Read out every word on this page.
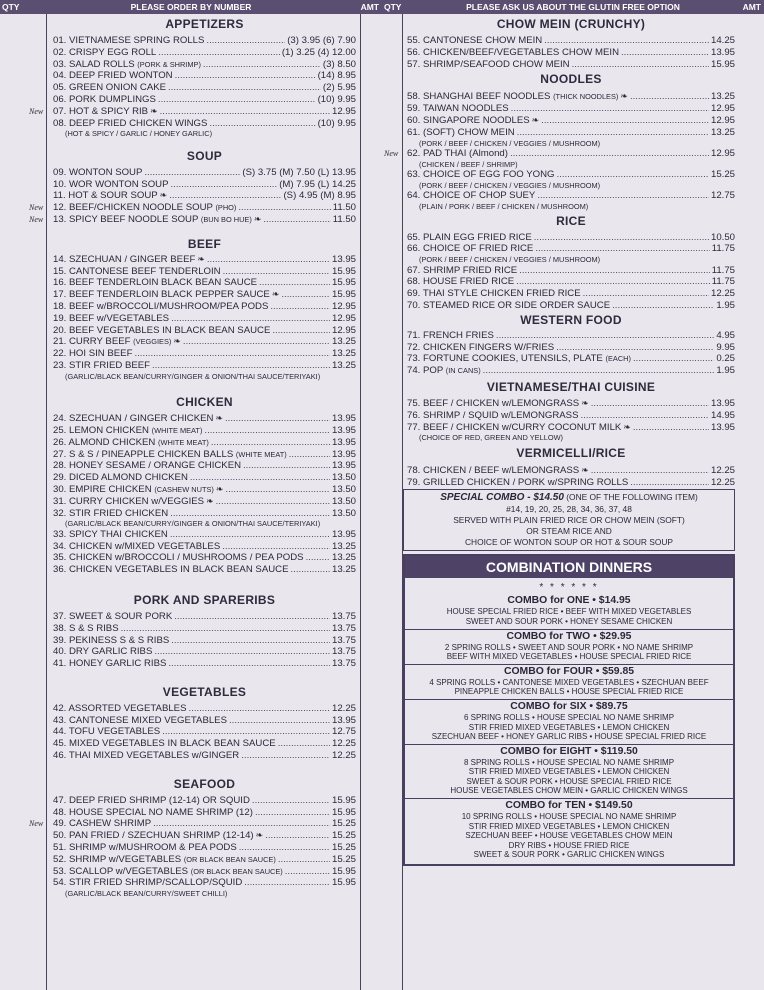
QTY	PLEASE ORDER BY NUMBER	AMT
APPETIZERS
01. VIETNAMESE SPRING ROLLS .....	(3) 3.95 (6) 7.90
02. CRISPY EGG ROLL .....	(1) 3.25 (4) 12.00
03. SALAD ROLLS (PORK & SHRIMP) .....	(3) 8.50
04. DEEP FRIED WONTON .....	(14) 8.95
05. GREEN ONION CAKE .....	(2) 5.95
06. PORK DUMPLINGS .....	(10) 9.95
07. HOT & SPICY RIB ❧ .....	12.95
New
08. DEEP FRIED CHICKEN WINGS .....	(10) 9.95
(HOT & SPICY / GARLIC / HONEY GARLIC)
SOUP
09. WONTON SOUP .....	(S) 3.75 (M) 7.50 (L) 13.95
10. WOR WONTON SOUP .....	(M) 7.95 (L) 14.25
11. HOT & SOUR SOUP ❧ .....	(S) 4.95 (M) 8.95
12. BEEF/CHICKEN NOODLE SOUP (PHO) .....	11.50
New
13. SPICY BEEF NOODLE SOUP (BUN BO HUE) ❧ .....	11.50
New
BEEF
14. SZECHUAN / GINGER BEEF ❧ .....	13.95
15. CANTONESE BEEF TENDERLOIN .....	15.95
16. BEEF TENDERLOIN BLACK BEAN SAUCE .....	15.95
17. BEEF TENDERLOIN BLACK PEPPER SAUCE ❧ .....	15.95
18. BEEF w/BROCCOLI/MUSHROOM/PEA PODS .....	12.95
19. BEEF w/VEGETABLES .....	12.95
20. BEEF VEGETABLES IN BLACK BEAN SAUCE .....	12.95
21. CURRY BEEF (VEGGIES) ❧ .....	13.25
22. HOI SIN BEEF .....	13.25
23. STIR FRIED BEEF .....	13.25
(GARLIC/BLACK BEAN/CURRY/GINGER & ONION/THAI SAUCE/TERIYAKI)
CHICKEN
24. SZECHUAN / GINGER CHICKEN ❧ .....	13.95
25. LEMON CHICKEN (WHITE MEAT) .....	13.95
26. ALMOND CHICKEN (WHITE MEAT) .....	13.95
27. S & S / PINEAPPLE CHICKEN BALLS (WHITE MEAT) .....	13.95
28. HONEY SESAME / ORANGE CHICKEN .....	13.95
29. DICED ALMOND CHICKEN .....	13.50
30. EMPIRE CHICKEN (CASHEW NUTS) ❧ .....	13.50
31. CURRY CHICKEN w/VEGGIES ❧ .....	13.50
32. STIR FRIED CHICKEN .....	13.50
(GARLIC/BLACK BEAN/CURRY/GINGER & ONION/THAI SAUCE/TERIYAKI)
33. SPICY THAI CHICKEN .....	13.95
34. CHICKEN w/MIXED VEGETABLES .....	13.25
35. CHICKEN w/BROCCOLI / MUSHROOMS / PEA PODS .....	13.25
36. CHICKEN VEGETABLES IN BLACK BEAN SAUCE .....	13.25
PORK AND SPARERIBS
37. SWEET & SOUR PORK .....	13.75
38. S & S RIBS .....	13.75
39. PEKINESS S & S RIBS .....	13.75
40. DRY GARLIC RIBS .....	13.75
41. HONEY GARLIC RIBS .....	13.75
VEGETABLES
42. ASSORTED VEGETABLES .....	12.25
43. CANTONESE MIXED VEGETABLES .....	13.95
44. TOFU VEGETABLES .....	12.75
45. MIXED VEGETABLES IN BLACK BEAN SAUCE .....	12.25
46. THAI MIXED VEGETABLES w/GINGER .....	12.25
SEAFOOD
47. DEEP FRIED SHRIMP (12-14) OR SQUID .....	15.95
48. HOUSE SPECIAL NO NAME SHRIMP (12) .....	15.95
49. CASHEW SHRIMP .....	15.25
New
50. PAN FRIED / SZECHUAN SHRIMP (12-14) ❧ .....	15.25
51. SHRIMP w/MUSHROOM & PEA PODS .....	15.25
52. SHRIMP w/VEGETABLES (OR BLACK BEAN SAUCE) .....	15.25
53. SCALLOP w/VEGETABLES (OR BLACK BEAN SAUCE) .....	15.95
54. STIR FRIED SHRIMP/SCALLOP/SQUID .....	15.95
(GARLIC/BLACK BEAN/CURRY/SWEET CHILLI)
QTY	PLEASE ASK US ABOUT THE GLUTIN FREE OPTION	AMT
CHOW MEIN (CRUNCHY)
55. CANTONESE CHOW MEIN .....	14.25
56. CHICKEN/BEEF/VEGETABLES CHOW MEIN .....	13.95
57. SHRIMP/SEAFOOD CHOW MEIN .....	15.95
NOODLES
58. SHANGHAI BEEF NOODLES (THICK NOODLES) ❧ .....	13.25
59. TAIWAN NOODLES .....	12.95
60. SINGAPORE NOODLES ❧ .....	12.95
61. (SOFT) CHOW MEIN .....	13.25
(PORK / BEEF / CHICKEN / VEGGIES / MUSHROOM)
62. PAD THAI (Almond) .....	12.95
New
(CHICKEN / BEEF / SHRIMP)
63. CHOICE OF EGG FOO YONG .....	15.25
(PORK / BEEF / CHICKEN / VEGGIES / MUSHROOM)
64. CHOICE OF CHOP SUEY .....	12.75
(PLAIN / PORK / BEEF / CHICKEN / MUSHROOM)
RICE
65. PLAIN EGG FRIED RICE .....	10.50
66. CHOICE OF FRIED RICE .....	11.75
(PORK / BEEF / CHICKEN / VEGGIES / MUSHROOM)
67. SHRIMP FRIED RICE .....	11.75
68. HOUSE FRIED RICE .....	11.75
69. THAI STYLE CHICKEN FRIED RICE .....	12.25
70. STEAMED RICE OR SIDE ORDER SAUCE .....	1.95
WESTERN FOOD
71. FRENCH FRIES .....	4.95
72. CHICKEN FINGERS W/FRIES .....	9.95
73. FORTUNE COOKIES, UTENSILS, PLATE (EACH) .....	0.25
74. POP (IN CANS) .....	1.95
VIETNAMESE/THAI CUISINE
75. BEEF / CHICKEN w/LEMONGRASS ❧ .....	13.95
76. SHRIMP / SQUID w/LEMONGRASS .....	14.95
77. BEEF / CHICKEN w/CURRY COCONUT MILK ❧ .....	13.95
(CHOICE OF RED, GREEN AND YELLOW)
VERMICELLI/RICE
78. CHICKEN / BEEF w/LEMONGRASS ❧ .....	12.25
79. GRILLED CHICKEN / PORK w/SPRING ROLLS .....	12.25
SPECIAL COMBO - $14.50 (ONE OF THE FOLLOWING ITEM)
#14, 19, 20, 25, 28, 34, 36, 37, 48
SERVED WITH PLAIN FRIED RICE OR CHOW MEIN (SOFT)
OR STEAM RICE AND
CHOICE OF WONTON SOUP OR HOT & SOUR SOUP
COMBINATION DINNERS
* * * * * *
COMBO for ONE • $14.95
HOUSE SPECIAL FRIED RICE • BEEF WITH MIXED VEGETABLES
SWEET AND SOUR PORK • HONEY SESAME CHICKEN
COMBO for TWO • $29.95
2 SPRING ROLLS • SWEET AND SOUR PORK • NO NAME SHRIMP
BEEF WITH MIXED VEGETABLES • HOUSE SPECIAL FRIED RICE
COMBO for FOUR • $59.85
4 SPRING ROLLS • CANTONESE MIXED VEGETABLES • SZECHUAN BEEF
PINEAPPLE CHICKEN BALLS • HOUSE SPECIAL FRIED RICE
COMBO for SIX • $89.75
6 SPRING ROLLS • HOUSE SPECIAL NO NAME SHRIMP
STIR FRIED MIXED VEGETABLES • LEMON CHICKEN
SZECHUAN BEEF • HONEY GARLIC RIBS • HOUSE SPECIAL FRIED RICE
COMBO for EIGHT • $119.50
8 SPRING ROLLS • HOUSE SPECIAL NO NAME SHRIMP
STIR FRIED MIXED VEGETABLES • LEMON CHICKEN
SWEET & SOUR PORK • HOUSE SPECIAL FRIED RICE
HOUSE VEGETABLES CHOW MEIN • GARLIC CHICKEN WINGS
COMBO for TEN • $149.50
10 SPRING ROLLS • HOUSE SPECIAL NO NAME SHRIMP
STIR FRIED MIXED VEGETABLES • LEMON CHICKEN
SZECHUAN BEEF • HOUSE VEGETABLES CHOW MEIN
DRY RIBS • HOUSE FRIED RICE
SWEET & SOUR PORK • GARLIC CHICKEN WINGS
